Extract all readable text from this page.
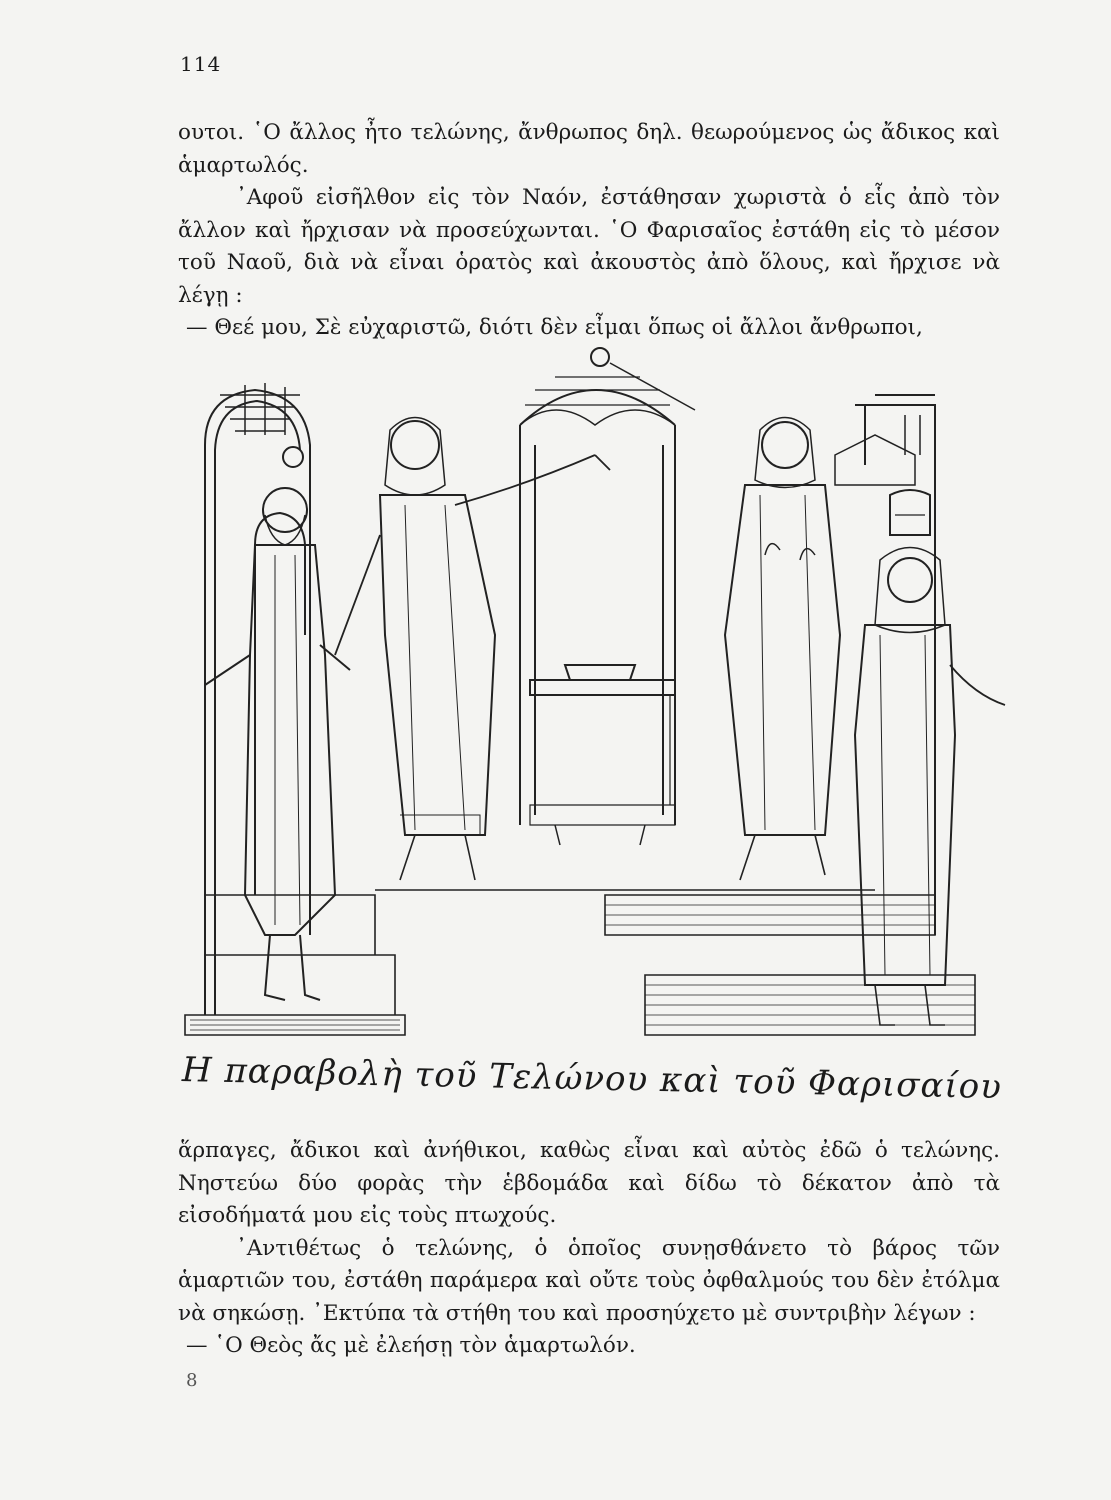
114

ουτοι. ῾Ο ἄλλος ἦτο τελώνης, ἄνθρωπος δηλ. θεωρούμενος ὡς ἄδικος καὶ ἁμαρτωλός.

᾽Αφοῦ εἰσῆλθον εἰς τὸν Ναόν, ἐστάθησαν χωριστὰ ὁ εἷς ἀπὸ τὸν ἄλλον καὶ ἤρχισαν νὰ προσεύχωνται. ῾Ο Φαρισαῖος ἐστάθη εἰς τὸ μέσον τοῦ Ναοῦ, διὰ νὰ εἶναι ὁρατὸς καὶ ἀκουστὸς ἀπὸ ὅλους, καὶ ἤρχισε νὰ λέγῃ :

— Θεέ μου, Σὲ εὐχαριστῶ, διότι δὲν εἶμαι ὅπως οἱ ἄλλοι ἄνθρωποι,

Η παραβολὴ τοῦ Τελώνου καὶ τοῦ Φαρισαίου

ἅρπαγες, ἄδικοι καὶ ἀνήθικοι, καθὼς εἶναι καὶ αὐτὸς ἐδῶ ὁ τελώνης. Νηστεύω δύο φορὰς τὴν ἑβδομάδα καὶ δίδω τὸ δέκατον ἀπὸ τὰ εἰσοδήματά μου εἰς τοὺς πτωχούς.

᾽Αντιθέτως ὁ τελώνης, ὁ ὁποῖος συνῃσθάνετο τὸ βάρος τῶν ἁμαρτιῶν του, ἐστάθη παράμερα καὶ οὔτε τοὺς ὀφθαλμούς του δὲν ἐτόλμα νὰ σηκώσῃ. ᾽Εκτύπα τὰ στήθη του καὶ προσηύχετο μὲ συντριβὴν λέγων :

— ῾Ο Θεὸς ἄς μὲ ἐλεήσῃ τὸν ἁμαρτωλόν.

8
